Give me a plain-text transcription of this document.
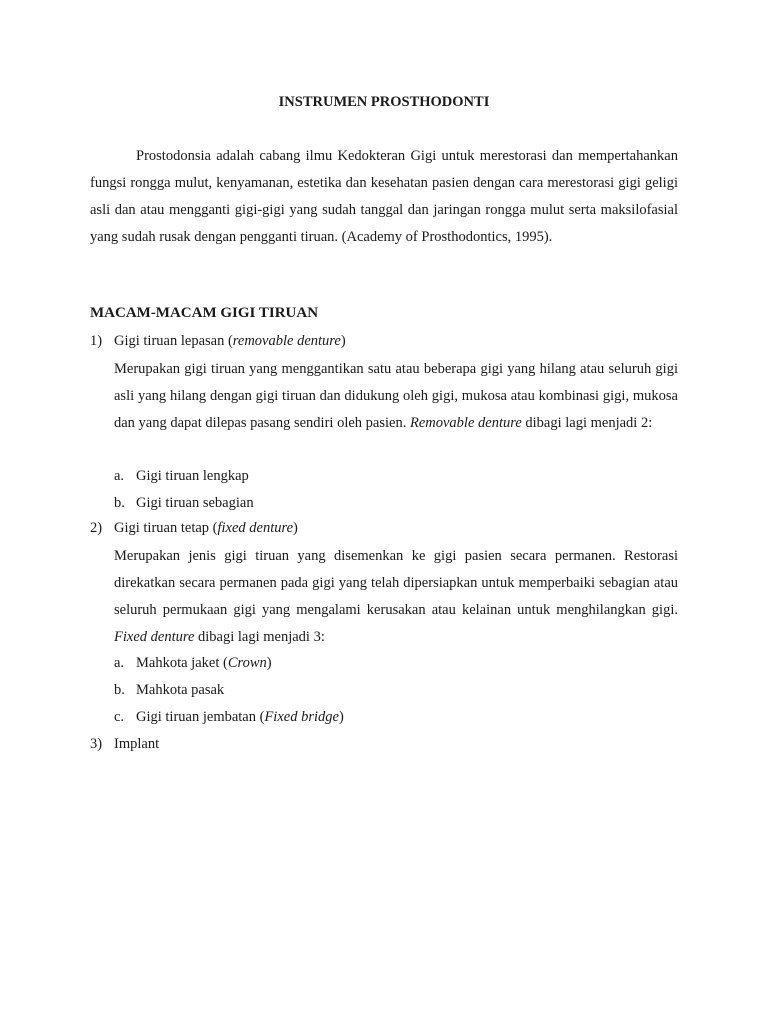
INSTRUMEN PROSTHODONTI
Prostodonsia adalah cabang ilmu Kedokteran Gigi untuk merestorasi dan mempertahankan fungsi rongga mulut, kenyamanan, estetika dan kesehatan pasien dengan cara merestorasi gigi geligi asli dan atau mengganti gigi-gigi yang sudah tanggal dan jaringan rongga mulut serta maksilofasial yang sudah rusak dengan pengganti tiruan. (Academy of Prosthodontics, 1995).
MACAM-MACAM GIGI TIRUAN
1) Gigi tiruan lepasan (removable denture)
Merupakan gigi tiruan yang menggantikan satu atau beberapa gigi yang hilang atau seluruh gigi asli yang hilang dengan gigi tiruan dan didukung oleh gigi, mukosa atau kombinasi gigi, mukosa dan yang dapat dilepas pasang sendiri oleh pasien. Removable denture dibagi lagi menjadi 2:
a. Gigi tiruan lengkap
b. Gigi tiruan sebagian
2) Gigi tiruan tetap (fixed denture)
Merupakan jenis gigi tiruan yang disemenkan ke gigi pasien secara permanen. Restorasi direkatkan secara permanen pada gigi yang telah dipersiapkan untuk memperbaiki sebagian atau seluruh permukaan gigi yang mengalami kerusakan atau kelainan untuk menghilangkan gigi. Fixed denture dibagi lagi menjadi 3:
a. Mahkota jaket (Crown)
b. Mahkota pasak
c. Gigi tiruan jembatan (Fixed bridge)
3) Implant
